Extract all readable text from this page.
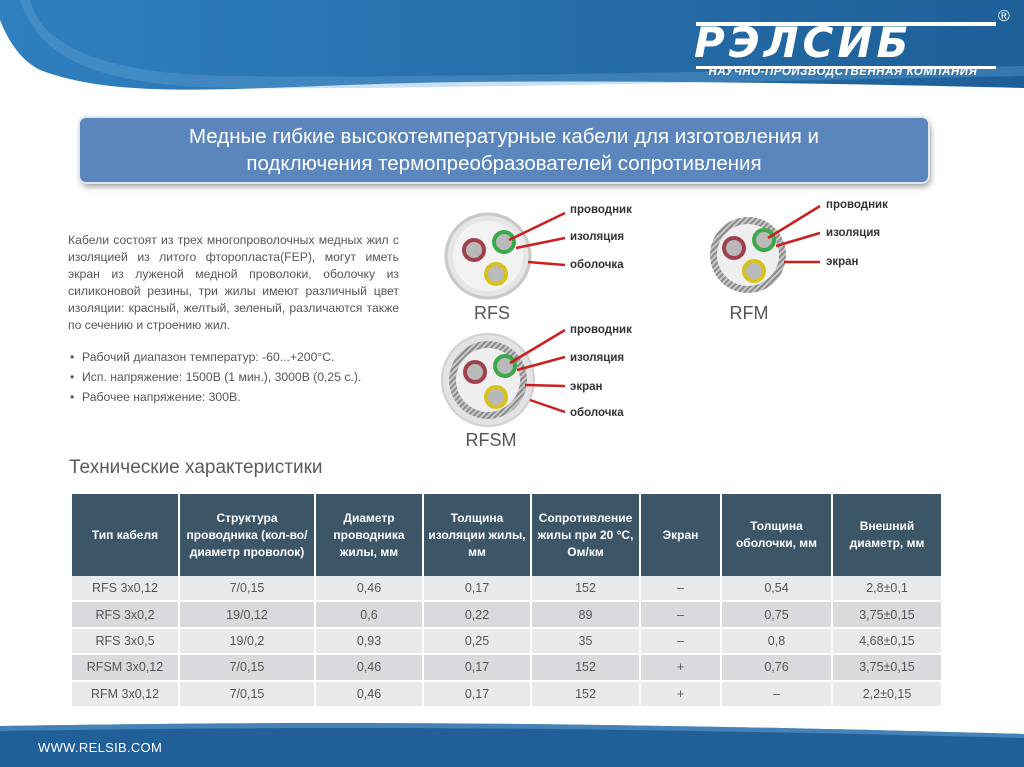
РЭЛСИБ
®
НАУЧНО-ПРОИЗВОДСТВЕННАЯ КОМПАНИЯ
Медные гибкие высокотемпературные кабели для изготовления и
подключения термопреобразователей сопротивления
Кабели состоят из трех многопроволочных медных жил с изоляцией из литого фторопласта(FEP), могут иметь экран из луженой медной проволоки, оболочку из силиконовой резины, три жилы имеют различный цвет изоляции: красный, желтый, зеленый, различаются также по сечению и строению жил.
• Рабочий диапазон температур: -60...+200°С.
• Исп. напряжение: 1500В (1 мин.), 3000В (0,25 с.).
• Рабочее напряжение: 300В.
проводник
изоляция
оболочка
RFS
проводник
изоляция
экран
RFM
проводник
изоляция
экран
оболочка
RFSM
Технические характеристики
Тип кабеля	Структура проводника (кол-во/диаметр проволок)	Диаметр проводника жилы, мм	Толщина изоляции жилы, мм	Сопротивление жилы при 20 °С, Ом/км	Экран	Толщина оболочки, мм	Внешний диаметр, мм
RFS 3х0,12	7/0,15	0,46	0,17	152	–	0,54	2,8±0,1
RFS 3х0,2	19/0,12	0,6	0,22	89	–	0,75	3,75±0,15
RFS 3х0,5	19/0,2	0,93	0,25	35	–	0,8	4,68±0,15
RFSM 3х0,12	7/0,15	0,46	0,17	152	+	0,76	3,75±0,15
RFM 3х0,12	7/0,15	0,46	0,17	152	+	–	2,2±0,15
WWW.RELSIB.COM
